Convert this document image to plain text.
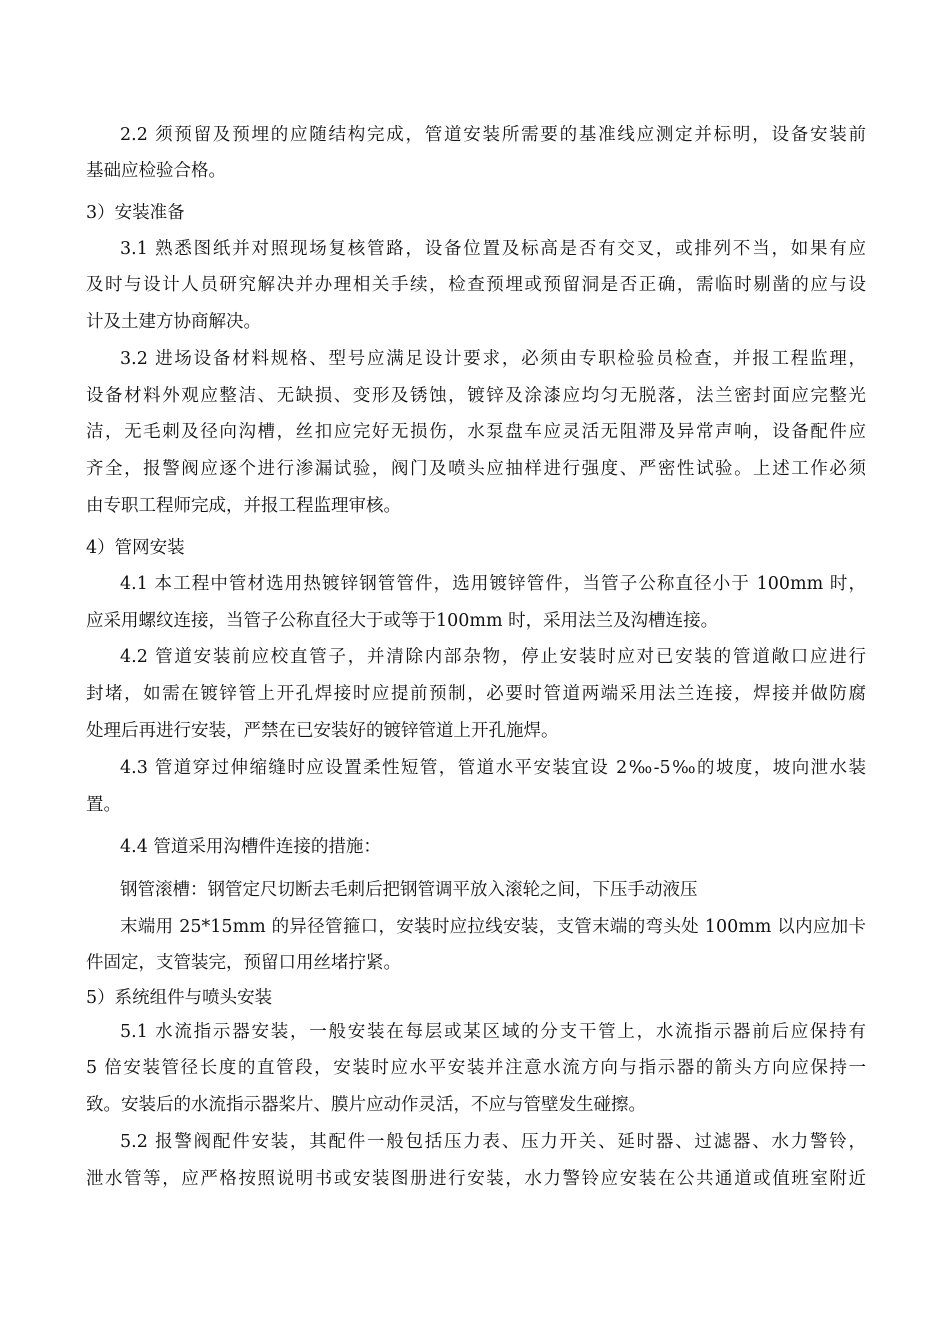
2.2 须预留及预埋的应随结构完成，管道安装所需要的基准线应测定并标明，设备安装前

基础应检验合格。

3）安装准备

3.1 熟悉图纸并对照现场复核管路，设备位置及标高是否有交叉，或排列不当，如果有应

及时与设计人员研究解决并办理相关手续，检查预埋或预留洞是否正确，需临时剔凿的应与设

计及土建方协商解决。

3.2 进场设备材料规格、型号应满足设计要求，必须由专职检验员检查，并报工程监理，

设备材料外观应整洁、无缺损、变形及锈蚀，镀锌及涂漆应均匀无脱落，法兰密封面应完整光

洁，无毛刺及径向沟槽，丝扣应完好无损伤，水泵盘车应灵活无阻滞及异常声响，设备配件应

齐全，报警阀应逐个进行渗漏试验，阀门及喷头应抽样进行强度、严密性试验。上述工作必须

由专职工程师完成，并报工程监理审核。

4）管网安装

4.1 本工程中管材选用热镀锌钢管管件，选用镀锌管件，当管子公称直径小于 100mm 时，

应采用螺纹连接，当管子公称直径大于或等于100mm 时，采用法兰及沟槽连接。

4.2 管道安装前应校直管子，并清除内部杂物，停止安装时应对已安装的管道敞口应进行

封堵，如需在镀锌管上开孔焊接时应提前预制，必要时管道两端采用法兰连接，焊接并做防腐

处理后再进行安装，严禁在已安装好的镀锌管道上开孔施焊。

4.3 管道穿过伸缩缝时应设置柔性短管，管道水平安装宜设 2‰-5‰的坡度，坡向泄水装

置。

4.4 管道采用沟槽件连接的措施：

钢管滚槽：钢管定尺切断去毛刺后把钢管调平放入滚轮之间，下压手动液压

末端用 25*15mm 的异径管箍口，安装时应拉线安装，支管末端的弯头处 100mm 以内应加卡

件固定，支管装完，预留口用丝堵拧紧。

5）系统组件与喷头安装

5.1 水流指示器安装，一般安装在每层或某区域的分支干管上，水流指示器前后应保持有

5 倍安装管径长度的直管段，安装时应水平安装并注意水流方向与指示器的箭头方向应保持一

致。安装后的水流指示器桨片、膜片应动作灵活，不应与管壁发生碰擦。

5.2 报警阀配件安装，其配件一般包括压力表、压力开关、延时器、过滤器、水力警铃，

泄水管等，应严格按照说明书或安装图册进行安装，水力警铃应安装在公共通道或值班室附近
